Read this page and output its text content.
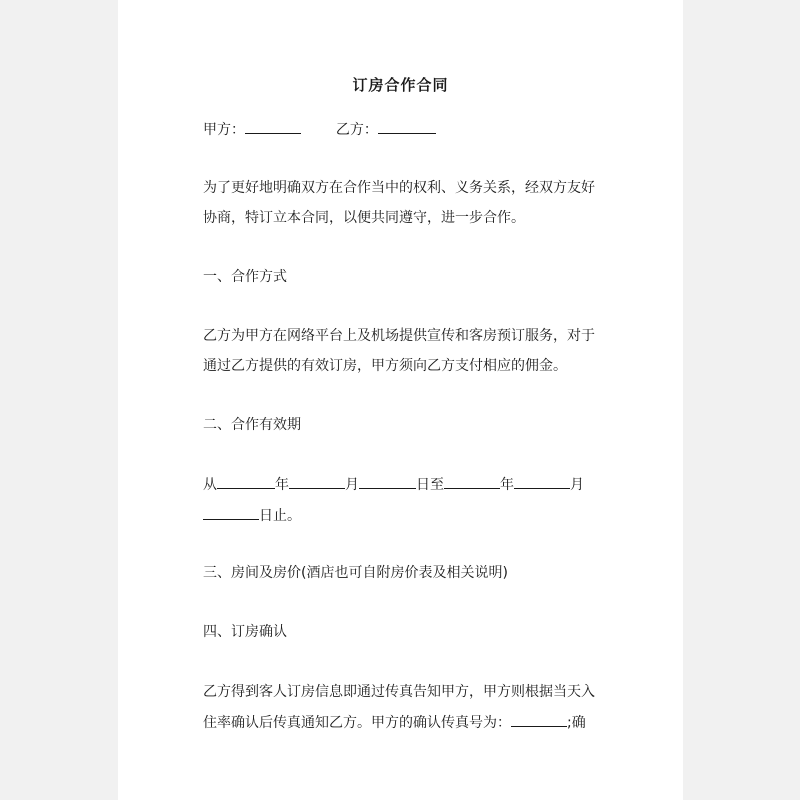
订房合作合同
甲方：	乙方：
为了更好地明确双方在合作当中的权利、义务关系，经双方友好
协商，特订立本合同，以便共同遵守，进一步合作。
一、合作方式
乙方为甲方在网络平台上及机场提供宣传和客房预订服务，对于
通过乙方提供的有效订房，甲方须向乙方支付相应的佣金。
二、合作有效期
从	年	月	日至	年	月
日止。
三、房间及房价(酒店也可自附房价表及相关说明)
四、订房确认
乙方得到客人订房信息即通过传真告知甲方，甲方则根据当天入
住率确认后传真通知乙方。甲方的确认传真号为：	;确
